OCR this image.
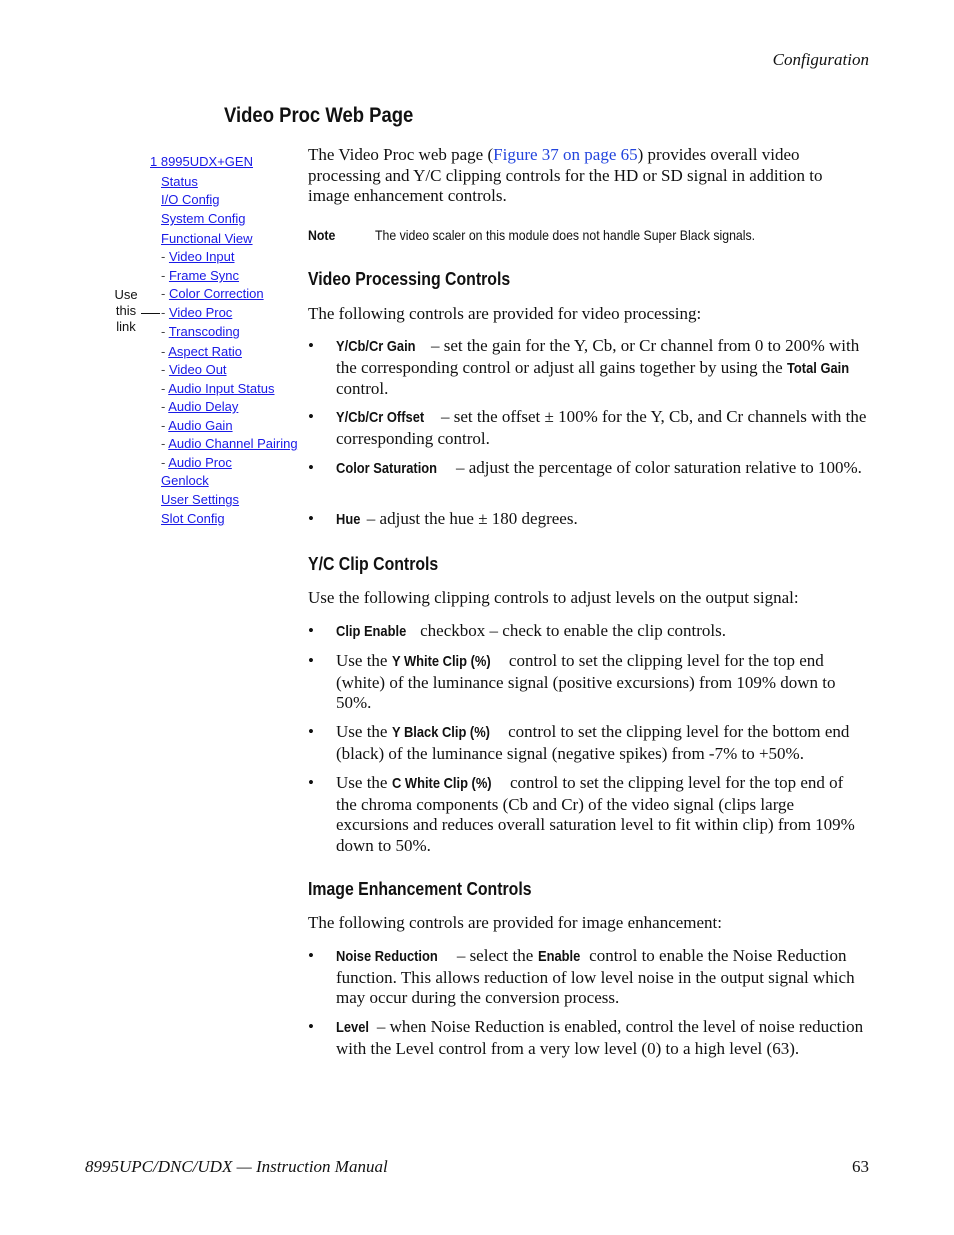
Configuration
Video Proc Web Page
1 8995UDX+GEN
Status
I/O Config
System Config
Functional View
- Video Input
- Frame Sync
- Color Correction
- Video Proc
- Transcoding
- Aspect Ratio
- Video Out
- Audio Input Status
- Audio Delay
- Audio Gain
- Audio Channel Pairing
- Audio Proc
Genlock
User Settings
Slot Config
Use
this
link
The Video Proc web page (Figure 37 on page 65) provides overall video processing and Y/C clipping controls for the HD or SD signal in addition to image enhancement controls.
Note	The video scaler on this module does not handle Super Black signals.
Video Processing Controls
The following controls are provided for video processing:
•	Y/Cb/Cr Gain – set the gain for the Y, Cb, or Cr channel from 0 to 200% with the corresponding control or adjust all gains together by using the Total Gain control.
•	Y/Cb/Cr Offset – set the offset ± 100% for the Y, Cb, and Cr channels with the corresponding control.
•	Color Saturation – adjust the percentage of color saturation relative to 100%.
•	Hue – adjust the hue ± 180 degrees.
Y/C Clip Controls
Use the following clipping controls to adjust levels on the output signal:
•	Clip Enable checkbox – check to enable the clip controls.
•	Use the Y White Clip (%) control to set the clipping level for the top end (white) of the luminance signal (positive excursions) from 109% down to 50%.
•	Use the Y Black Clip (%) control to set the clipping level for the bottom end (black) of the luminance signal (negative spikes) from -7% to +50%.
•	Use the C White Clip (%) control to set the clipping level for the top end of the chroma components (Cb and Cr) of the video signal (clips large excursions and reduces overall saturation level to fit within clip) from 109% down to 50%.
Image Enhancement Controls
The following controls are provided for image enhancement:
•	Noise Reduction – select the Enable control to enable the Noise Reduction function. This allows reduction of low level noise in the output signal which may occur during the conversion process.
•	Level – when Noise Reduction is enabled, control the level of noise reduction with the Level control from a very low level (0) to a high level (63).
8995UPC/DNC/UDX — Instruction Manual	63
